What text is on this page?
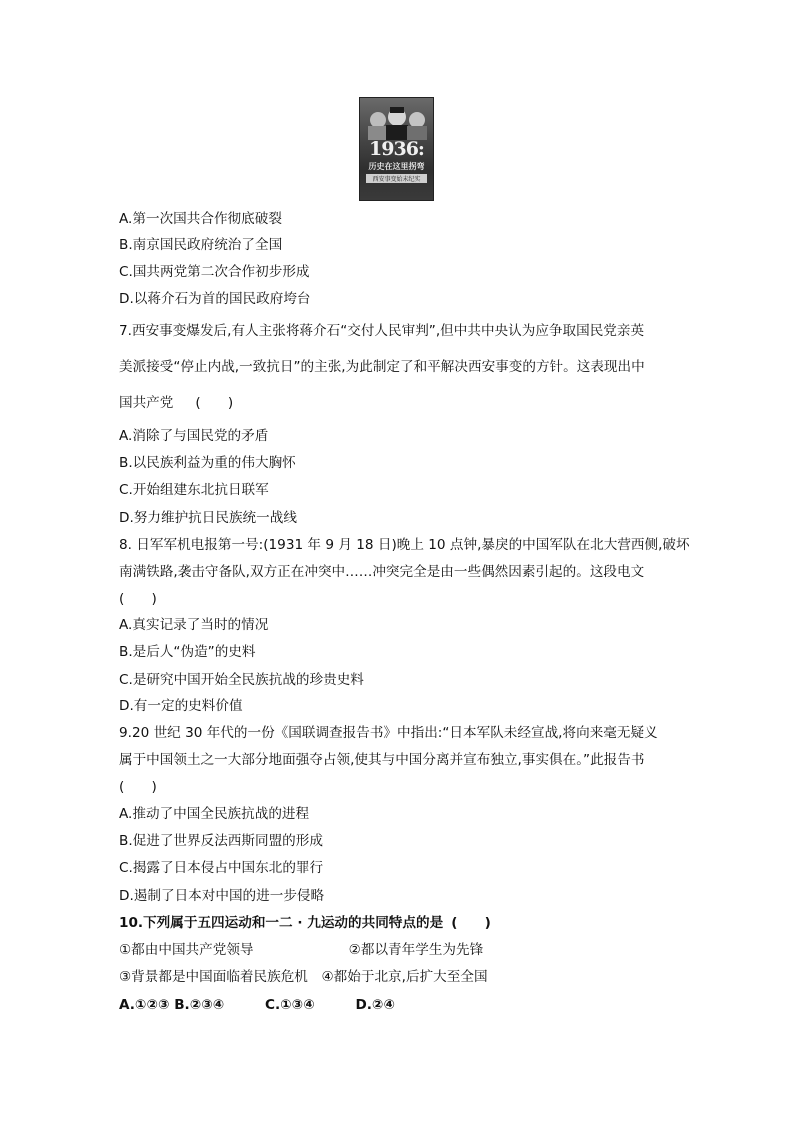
1936:
历史在这里拐弯
西安事变始末纪实
A.第一次国共合作彻底破裂
B.南京国民政府统治了全国
C.国共两党第二次合作初步形成
D.以蒋介石为首的国民政府垮台
7.西安事变爆发后,有人主张将蒋介石“交付人民审判”,但中共中央认为应争取国民党亲英
美派接受“停止内战,一致抗日”的主张,为此制定了和平解决西安事变的方针。这表现出中
国共产党 (　　)
A.消除了与国民党的矛盾
B.以民族利益为重的伟大胸怀
C.开始组建东北抗日联军
D.努力维护抗日民族统一战线
8. 日军军机电报第一号:(1931 年 9 月 18 日)晚上 10 点钟,暴戾的中国军队在北大营西侧,破坏
南满铁路,袭击守备队,双方正在冲突中……冲突完全是由一些偶然因素引起的。这段电文
(　　)
A.真实记录了当时的情况
B.是后人“伪造”的史料
C.是研究中国开始全民族抗战的珍贵史料
D.有一定的史料价值
9.20 世纪 30 年代的一份《国联调查报告书》中指出:“日本军队未经宣战,将向来毫无疑义
属于中国领土之一大部分地面强夺占领,使其与中国分离并宣布独立,事实俱在。”此报告书
(　　)
A.推动了中国全民族抗战的进程
B.促进了世界反法西斯同盟的形成
C.揭露了日本侵占中国东北的罪行
D.遏制了日本对中国的进一步侵略
10.下列属于五四运动和一二 · 九运动的共同特点的是 (　　)
①都由中国共产党领导　　　　　　　②都以青年学生为先锋
③背景都是中国面临着民族危机　④都始于北京,后扩大至全国
A.①②③ B.②③④　　　C.①③④　　　D.②④
